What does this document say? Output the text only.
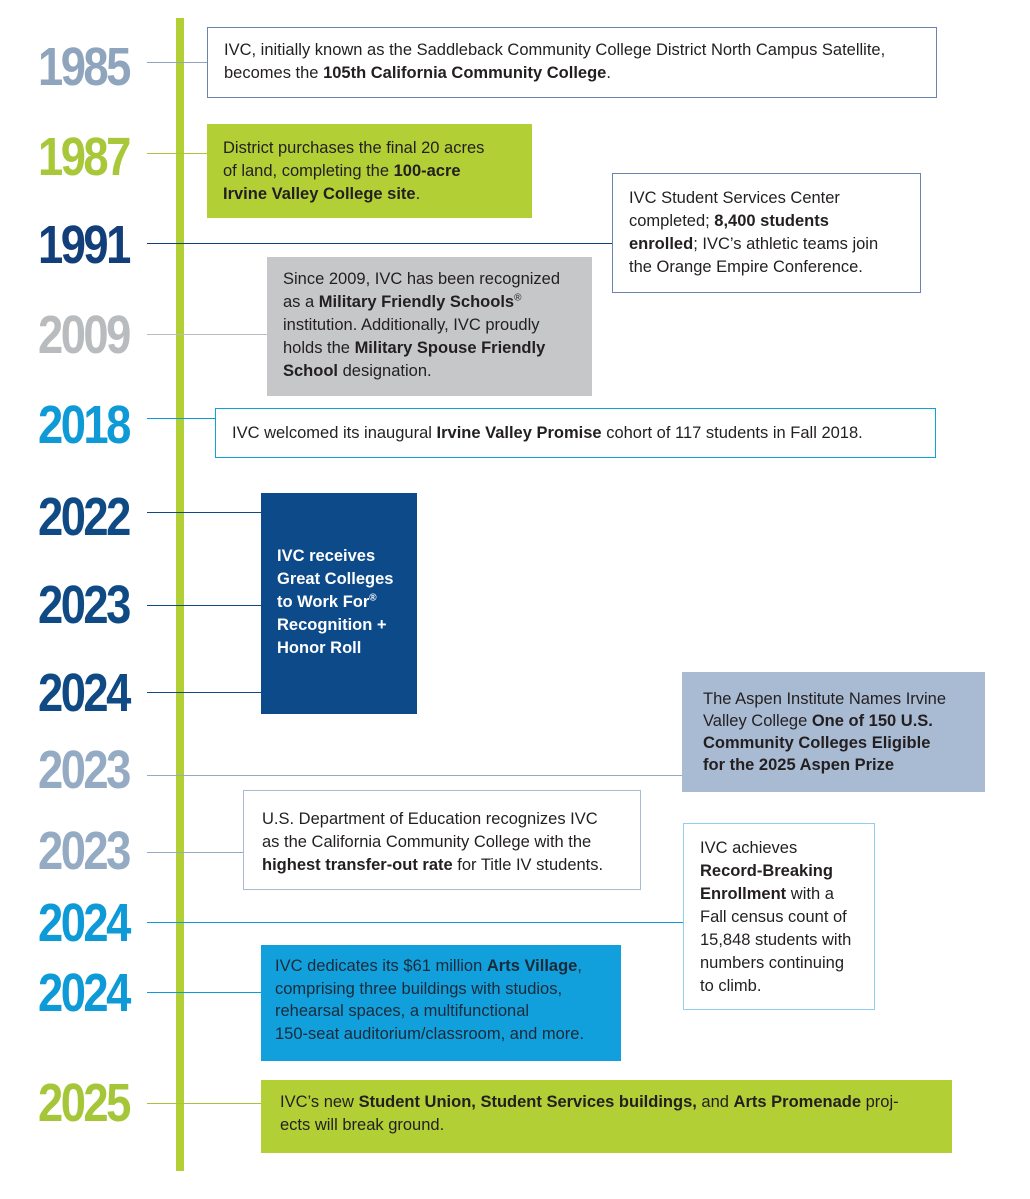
1985
1987
1991
2009
2018
2022
2023
2024
2023
2023
2024
2024
2025
IVC, initially known as the Saddleback Community College District North Campus Satellite,
becomes the 105th California Community College.
District purchases the final 20 acres
of land, completing the 100-acre
Irvine Valley College site.	IVC Student Services Center
completed; 8,400 students
enrolled; IVC’s athletic teams join
the Orange Empire Conference.
Since 2009, IVC has been recognized
as a Military Friendly Schools®
institution. Additionally, IVC proudly
holds the Military Spouse Friendly
School designation.
IVC welcomed its inaugural Irvine Valley Promise cohort of 117 students in Fall 2018.
IVC receives
Great Colleges
to Work For®
Recognition +
Honor Roll
The Aspen Institute Names Irvine
Valley College One of 150 U.S.
Community Colleges Eligible
for the 2025 Aspen Prize
U.S. Department of Education recognizes IVC
as the California Community College with the
highest transfer-out rate for Title IV students.
IVC achieves
Record-Breaking
Enrollment with a
Fall census count of
15,848 students with
numbers continuing
to climb.
IVC dedicates its $61 million Arts Village,
comprising three buildings with studios,
rehearsal spaces, a multifunctional
150-seat auditorium/classroom, and more.
IVC’s new Student Union, Student Services buildings, and Arts Promenade proj-
ects will break ground.
